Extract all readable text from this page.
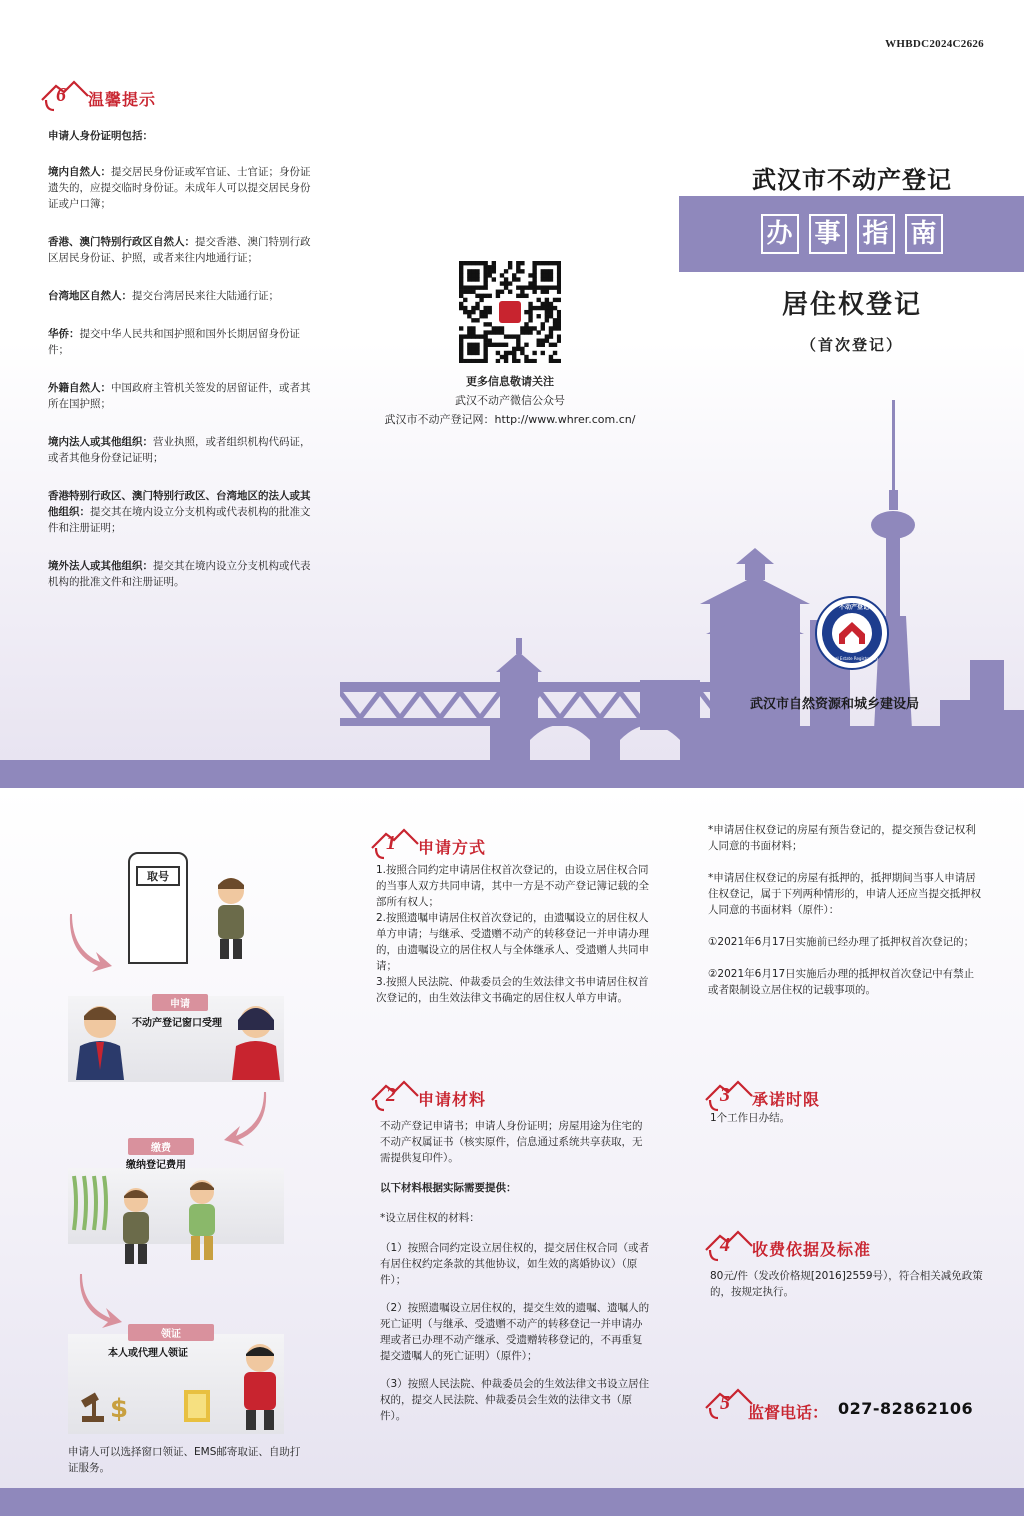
WHBDC2024C2626
6 温馨提示
申请人身份证明包括：
境内自然人：提交居民身份证或军官证、士官证；身份证遗失的，应提交临时身份证。未成年人可以提交居民身份证或户口簿；
香港、澳门特别行政区自然人：提交香港、澳门特别行政区居民身份证、护照，或者来往内地通行证；
台湾地区自然人：提交台湾居民来往大陆通行证；
华侨：提交中华人民共和国护照和国外长期居留身份证件；
外籍自然人：中国政府主管机关签发的居留证件，或者其所在国护照；
境内法人或其他组织：营业执照，或者组织机构代码证，或者其他身份登记证明；
香港特别行政区、澳门特别行政区、台湾地区的法人或其他组织：提交其在境内设立分支机构或代表机构的批准文件和注册证明；
境外法人或其他组织：提交其在境内设立分支机构或代表机构的批准文件和注册证明。
更多信息敬请关注
武汉不动产微信公众号
武汉市不动产登记网：http://www.whrer.com.cn/
武汉市不动产登记
办 事 指 南
居住权登记
（首次登记）
不动产登记
Real Estate Registration
武汉市自然资源和城乡建设局
取号
申请
不动产登记窗口受理
缴费
缴纳登记费用
领证
本人或代理人领证
$
申请人可以选择窗口领证、EMS邮寄取证、自助打证服务。
1 申请方式
1.按照合同约定申请居住权首次登记的，由设立居住权合同的当事人双方共同申请，其中一方是不动产登记簿记载的全部所有权人；
2.按照遗嘱申请居住权首次登记的，由遗嘱设立的居住权人单方申请；与继承、受遗赠不动产的转移登记一并申请办理的，由遗嘱设立的居住权人与全体继承人、受遗赠人共同申请；
3.按照人民法院、仲裁委员会的生效法律文书申请居住权首次登记的，由生效法律文书确定的居住权人单方申请。
*申请居住权登记的房屋有预告登记的，提交预告登记权利人同意的书面材料；
*申请居住权登记的房屋有抵押的，抵押期间当事人申请居住权登记，属于下列两种情形的，申请人还应当提交抵押权人同意的书面材料（原件）：
①2021年6月17日实施前已经办理了抵押权首次登记的；
②2021年6月17日实施后办理的抵押权首次登记中有禁止或者限制设立居住权的记载事项的。
2 申请材料
不动产登记申请书；申请人身份证明；房屋用途为住宅的不动产权属证书（核实原件，信息通过系统共享获取，无需提供复印件）。
以下材料根据实际需要提供：
*设立居住权的材料：
（1）按照合同约定设立居住权的，提交居住权合同（或者有居住权约定条款的其他协议，如生效的离婚协议）（原件）；
（2）按照遗嘱设立居住权的，提交生效的遗嘱、遗嘱人的死亡证明（与继承、受遗赠不动产的转移登记一并申请办理或者已办理不动产继承、受遗赠转移登记的，不再重复提交遗嘱人的死亡证明）（原件）；
（3）按照人民法院、仲裁委员会的生效法律文书设立居住权的，提交人民法院、仲裁委员会生效的法律文书（原件）。
3 承诺时限
1个工作日办结。
4 收费依据及标准
80元/件（发改价格规[2016]2559号），符合相关减免政策的，按规定执行。
5 监督电话： 027-82862106
